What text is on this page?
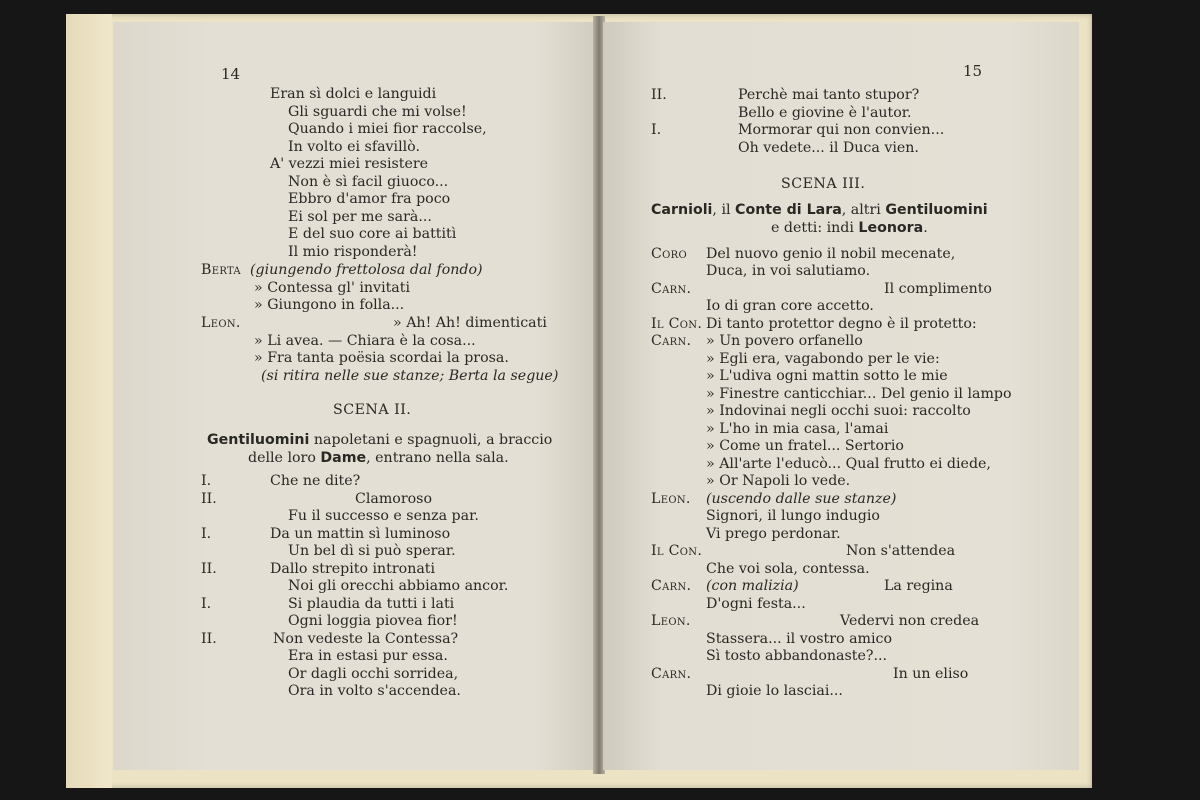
14
Eran sì dolci e languidi
Gli sguardi che mi volse!
Quando i miei fior raccolse,
In volto ei sfavillò.
A' vezzi miei resistere
Non è sì facil giuoco...
Ebbro d'amor fra poco
Ei sol per me sarà...
E del suo core ai battitì
Il mio risponderà!
Berta (giungendo frettolosa dal fondo)
» Contessa gl' invitati
» Giungono in folla...
Leon.	» Ah! Ah! dimenticati
» Li avea. — Chiara è la cosa...
» Fra tanta poësia scordai la prosa.
(si ritira nelle sue stanze; Berta la segue)
SCENA II.
Gentiluomini napoletani e spagnuoli, a braccio
delle loro Dame, entrano nella sala.
I.	Che ne dite?
II.	Clamoroso
Fu il successo e senza par.
I.	Da un mattin sì luminoso
Un bel dì si può sperar.
II.	Dallo strepito intronati
Noi gli orecchi abbiamo ancor.
I.	Si plaudia da tutti i lati
Ogni loggia piovea fior!
II.	Non vedeste la Contessa?
Era in estasi pur essa.
Or dagli occhi sorridea,
Ora in volto s'accendea.
15
II.	Perchè mai tanto stupor?
Bello e giovine è l'autor.
I.	Mormorar qui non convien...
Oh vedete... il Duca vien.
SCENA III.
Carnioli, il Conte di Lara, altri Gentiluomini
e detti: indi Leonora.
Coro Del nuovo genio il nobil mecenate,
Duca, in voi salutiamo.
Carn.	Il complimento
Io di gran core accetto.
Il Con. Di tanto protettor degno è il protetto:
Carn. » Un povero orfanello
» Egli era, vagabondo per le vie:
» L'udiva ogni mattin sotto le mie
» Finestre canticchiar... Del genio il lampo
» Indovinai negli occhi suoi: raccolto
» L'ho in mia casa, l'amai
» Come un fratel... Sertorio
» All'arte l'educò... Qual frutto ei diede,
» Or Napoli lo vede.
Leon. (uscendo dalle sue stanze)
Signori, il lungo indugio
Vi prego perdonar.
Il Con.	Non s'attendea
Che voi sola, contessa.
Carn. (con malizia)	La regina
D'ogni festa...
Leon.	Vedervi non credea
Stassera... il vostro amico
Sì tosto abbandonaste?...
Carn.	In un eliso
Di gioie lo lasciai...
